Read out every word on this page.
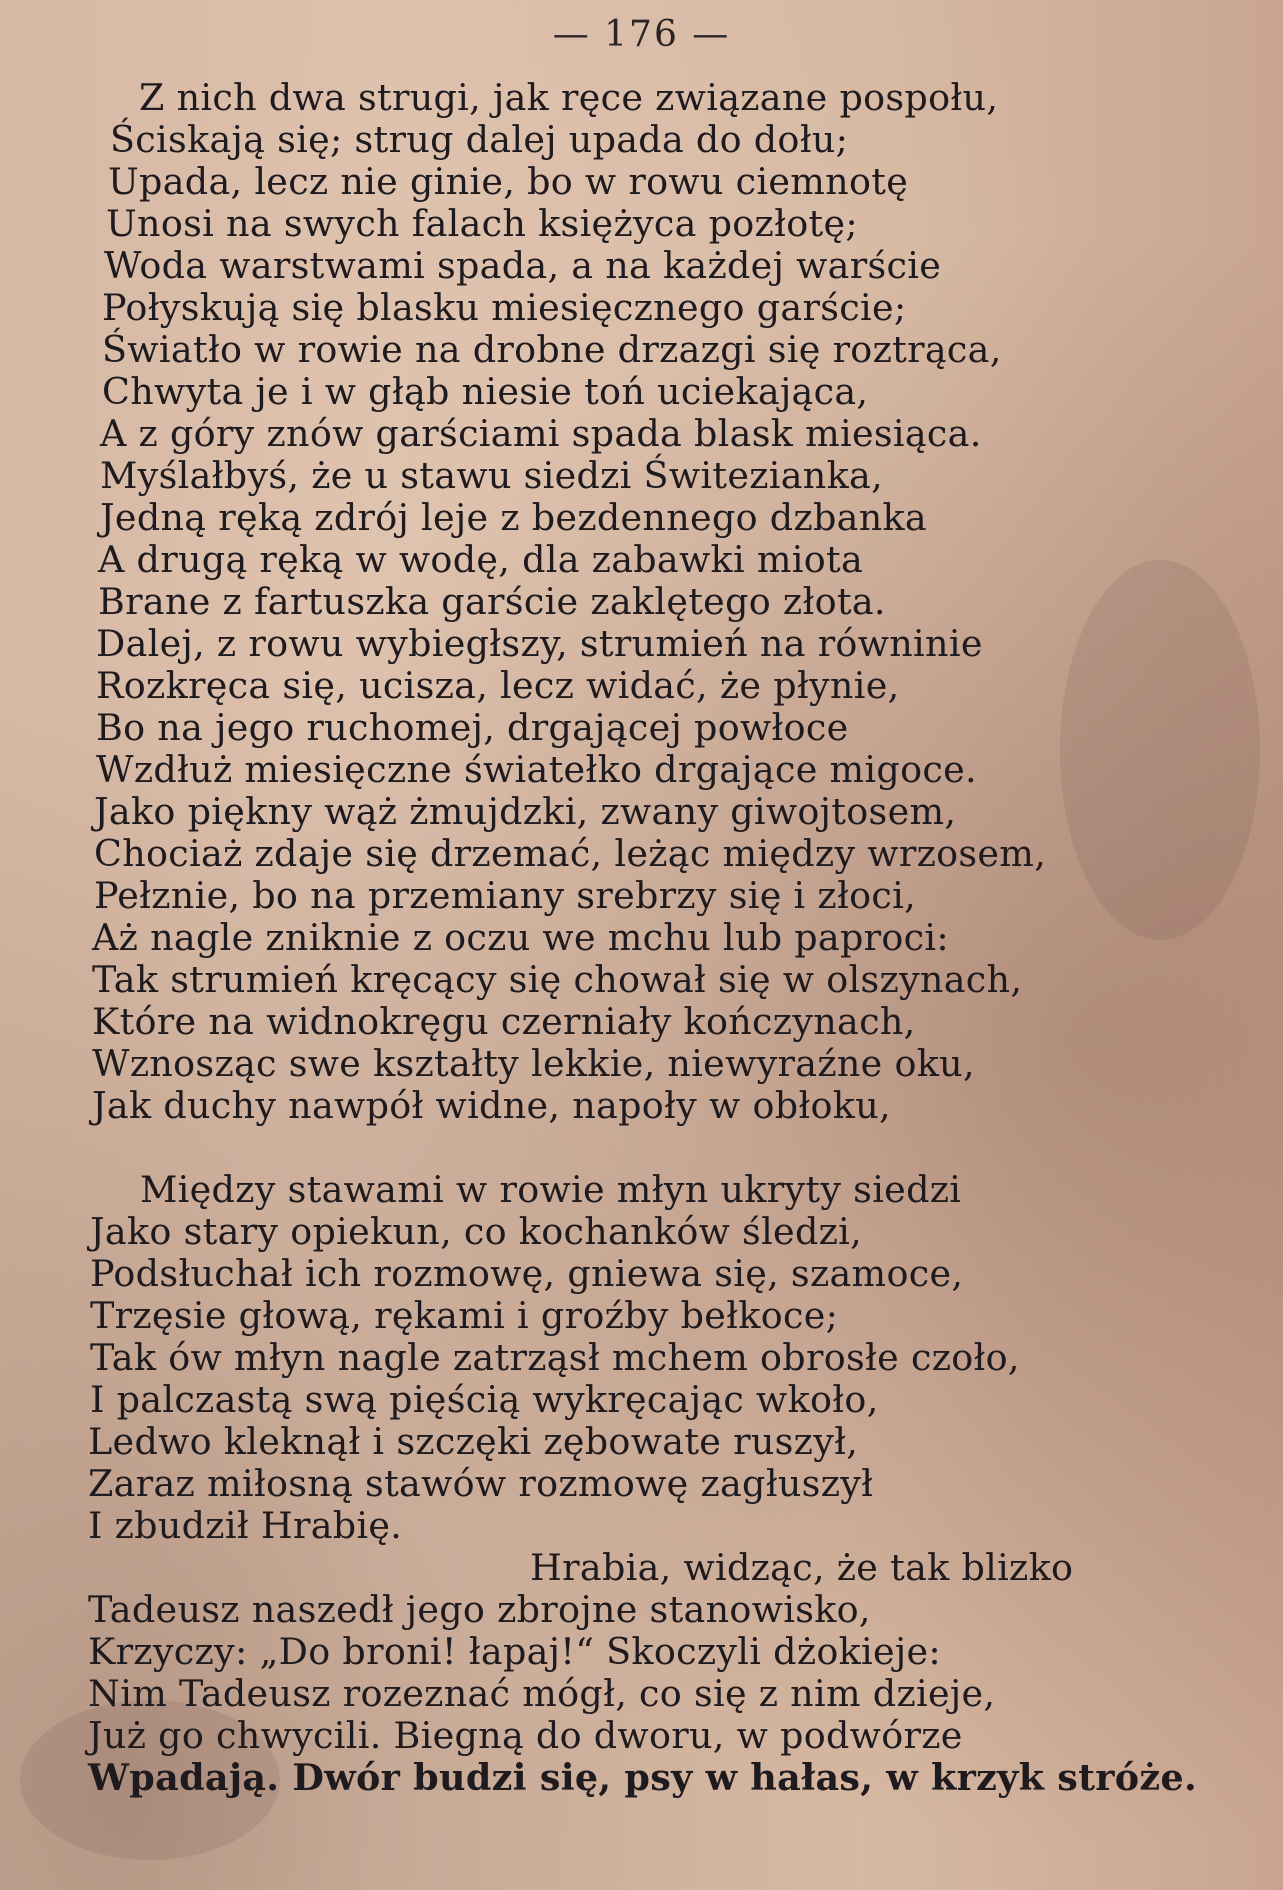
— 176 —
Z nich dwa strugi, jak ręce związane pospołu,
Ściskają się; strug dalej upada do dołu;
Upada, lecz nie ginie, bo w rowu ciemnotę
Unosi na swych falach księżyca pozłotę;
Woda warstwami spada, a na każdej warście
Połyskują się blasku miesięcznego garście;
Światło w rowie na drobne drzazgi się roztrąca,
Chwyta je i w głąb niesie toń uciekająca,
A z góry znów garściami spada blask miesiąca.
Myślałbyś, że u stawu siedzi Świtezianka,
Jedną ręką zdrój leje z bezdennego dzbanka
A drugą ręką w wodę, dla zabawki miota
Brane z fartuszka garście zaklętego złota.
Dalej, z rowu wybiegłszy, strumień na równinie
Rozkręca się, ucisza, lecz widać, że płynie,
Bo na jego ruchomej, drgającej powłoce
Wzdłuż miesięczne światełko drgające migoce.
Jako piękny wąż żmujdzki, zwany giwojtosem,
Chociaż zdaje się drzemać, leżąc między wrzosem,
Pełznie, bo na przemiany srebrzy się i złoci,
Aż nagle zniknie z oczu we mchu lub paproci:
Tak strumień kręcący się chował się w olszynach,
Które na widnokręgu czerniały kończynach,
Wznosząc swe kształty lekkie, niewyraźne oku,
Jak duchy nawpół widne, napoły w obłoku,
Między stawami w rowie młyn ukryty siedzi
Jako stary opiekun, co kochanków śledzi,
Podsłuchał ich rozmowę, gniewa się, szamoce,
Trzęsie głową, rękami i groźby bełkoce;
Tak ów młyn nagle zatrząsł mchem obrosłe czoło,
I palczastą swą pięścią wykręcając wkoło,
Ledwo kleknął i szczęki zębowate ruszył,
Zaraz miłosną stawów rozmowę zagłuszył
I zbudził Hrabię.
Hrabia, widząc, że tak blizko
Tadeusz naszedł jego zbrojne stanowisko,
Krzyczy: „Do broni! łapaj!“ Skoczyli dżokieje:
Nim Tadeusz rozeznać mógł, co się z nim dzieje,
Już go chwycili. Biegną do dworu, w podwórze
Wpadają. Dwór budzi się, psy w hałas, w krzyk stróże.
